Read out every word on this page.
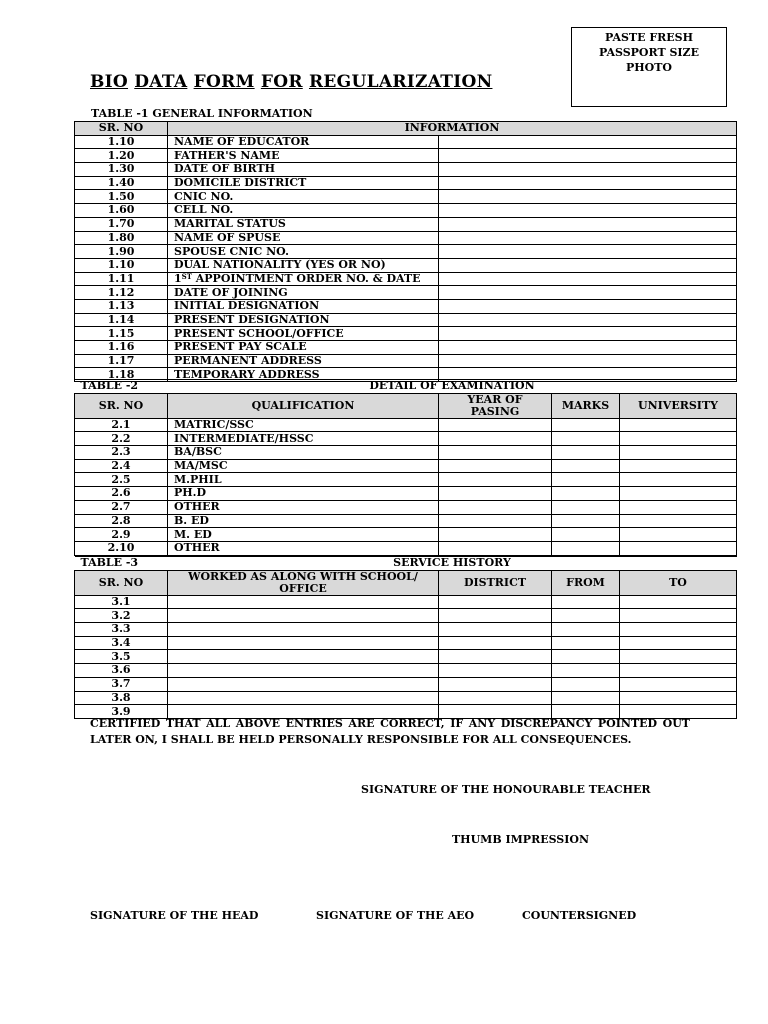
PASTE FRESH
PASSPORT SIZE
PHOTO
BIO DATA FORM FOR REGULARIZATION
TABLE -1 GENERAL INFORMATION
SR. NO	INFORMATION	
1.10	NAME OF EDUCATOR	
1.20	FATHER'S NAME	
1.30	DATE OF BIRTH	
1.40	DOMICILE DISTRICT	
1.50	CNIC NO.	
1.60	CELL NO.	
1.70	MARITAL STATUS	
1.80	NAME OF SPUSE	
1.90	SPOUSE CNIC NO.	
1.10	DUAL NATIONALITY (YES OR NO)	
1.11	1ST APPOINTMENT ORDER NO. & DATE	
1.12	DATE OF JOINING	
1.13	INITIAL DESIGNATION	
1.14	PRESENT DESIGNATION	
1.15	PRESENT SCHOOL/OFFICE	
1.16	PRESENT PAY SCALE	
1.17	PERMANENT ADDRESS	
1.18	TEMPORARY ADDRESS	
TABLE -2	DETAIL OF EXAMINATION			
SR. NO	QUALIFICATION	YEAR OF PASING	MARKS	UNIVERSITY
2.1	MATRIC/SSC			
2.2	INTERMEDIATE/HSSC			
2.3	BA/BSC			
2.4	MA/MSC			
2.5	M.PHIL			
2.6	PH.D			
2.7	OTHER			
2.8	B. ED			
2.9	M. ED			
2.10	OTHER			
TABLE -3	SERVICE HISTORY			
SR. NO	WORKED AS ALONG WITH SCHOOL/ OFFICE	DISTRICT	FROM	TO
3.1				
3.2				
3.3				
3.4				
3.5				
3.6				
3.7				
3.8				
3.9				
CERTIFIED THAT ALL ABOVE ENTRIES ARE CORRECT, IF ANY DISCREPANCY POINTED OUT LATER ON, I SHALL BE HELD PERSONALLY RESPONSIBLE FOR ALL CONSEQUENCES.
SIGNATURE OF THE HONOURABLE TEACHER
THUMB IMPRESSION
SIGNATURE OF THE HEAD	SIGNATURE OF THE AEO	COUNTERSIGNED
